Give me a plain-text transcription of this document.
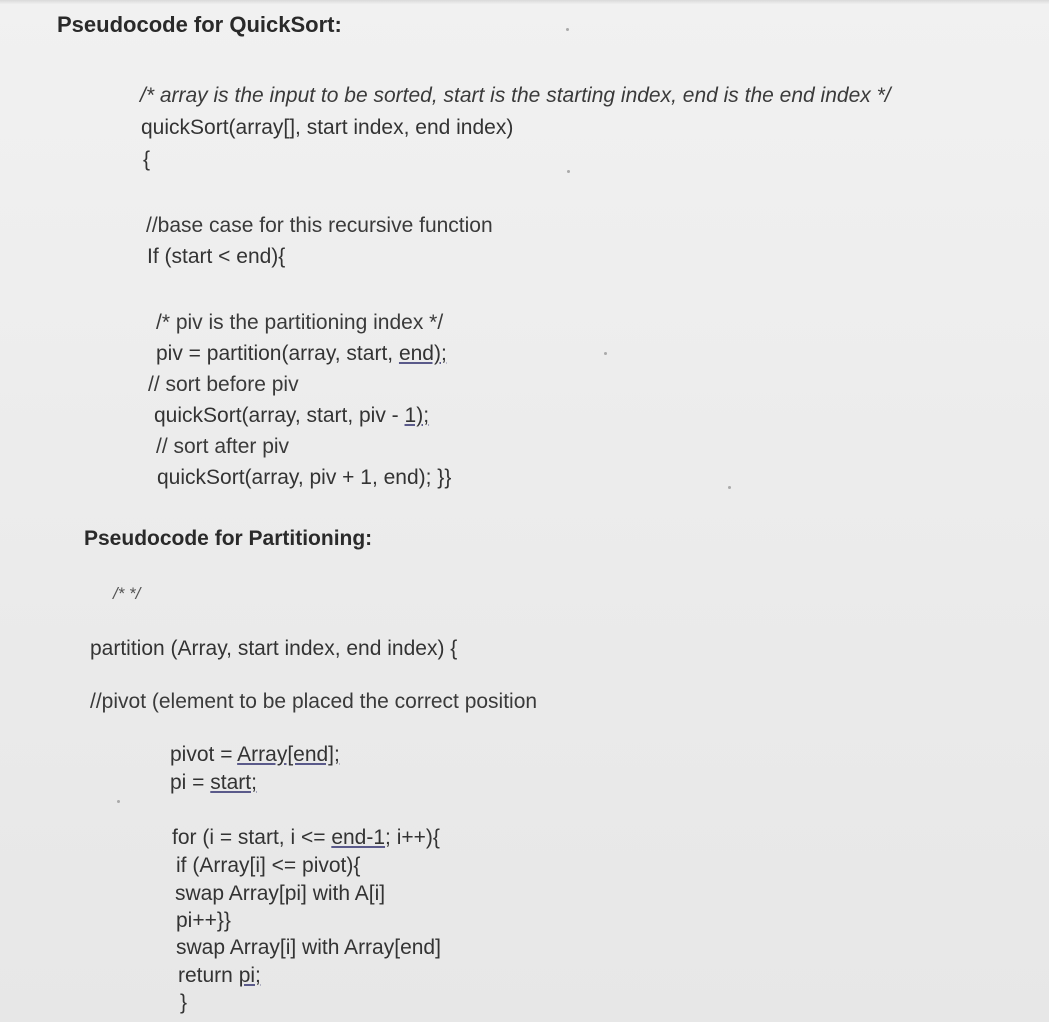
Pseudocode for QuickSort:
/* array is the input to be sorted, start is the starting index, end is the end index */
quickSort(array[], start index, end index)
{
//base case for this recursive function
If (start < end){
/* piv is the partitioning index */
piv = partition(array, start, end);
// sort before piv
quickSort(array, start, piv - 1);
// sort after piv
quickSort(array, piv + 1, end); }}
Pseudocode for Partitioning:
/* */
partition (Array, start index, end index) {
//pivot (element to be placed the correct position
pivot = Array[end];
pi = start;
for (i = start, i <= end-1; i++){
if (Array[i] <= pivot){
swap Array[pi] with A[i]
pi++}}
swap Array[i] with Array[end]
return pi;
}
